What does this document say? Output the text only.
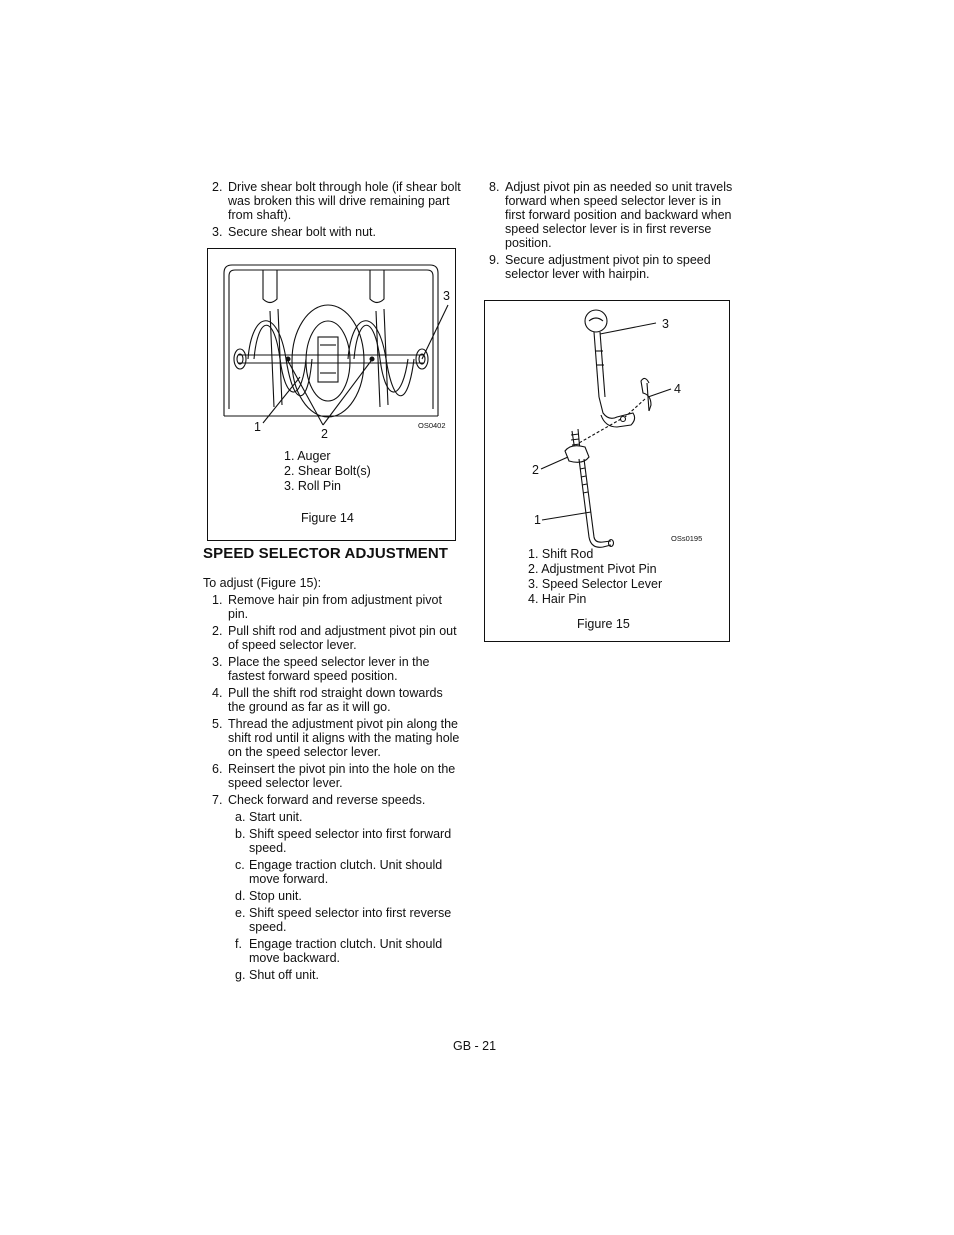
2. Drive shear bolt through hole (if shear bolt was broken this will drive remaining part from shaft).
3. Secure shear bolt with nut.
1	2
3
OS0402
1. Auger
2. Shear Bolt(s)
3. Roll Pin
Figure 14
SPEED SELECTOR ADJUSTMENT
To adjust (Figure 15):
1. Remove hair pin from adjustment pivot pin.
2. Pull shift rod and adjustment pivot pin out of speed selector lever.
3. Place the speed selector lever in the fastest forward speed position.
4. Pull the shift rod straight down towards the ground as far as it will go.
5. Thread the adjustment pivot pin along the shift rod until it aligns with the mating hole on the speed selector lever.
6. Reinsert the pivot pin into the hole on the speed selector lever.
7. Check forward and reverse speeds.
a. Start unit.
b. Shift speed selector into first forward speed.
c. Engage traction clutch. Unit should move forward.
d. Stop unit.
e. Shift speed selector into first reverse speed.
f. Engage traction clutch. Unit should move backward.
g. Shut off unit.
8. Adjust pivot pin as needed so unit travels forward when speed selector lever is in first forward position and backward when speed selector lever is in first reverse position.
9. Secure adjustment pivot pin to speed selector lever with hairpin.
3
4
2
1
OSs0195
1. Shift Rod
2. Adjustment Pivot Pin
3. Speed Selector Lever
4. Hair Pin
Figure 15
GB - 21
